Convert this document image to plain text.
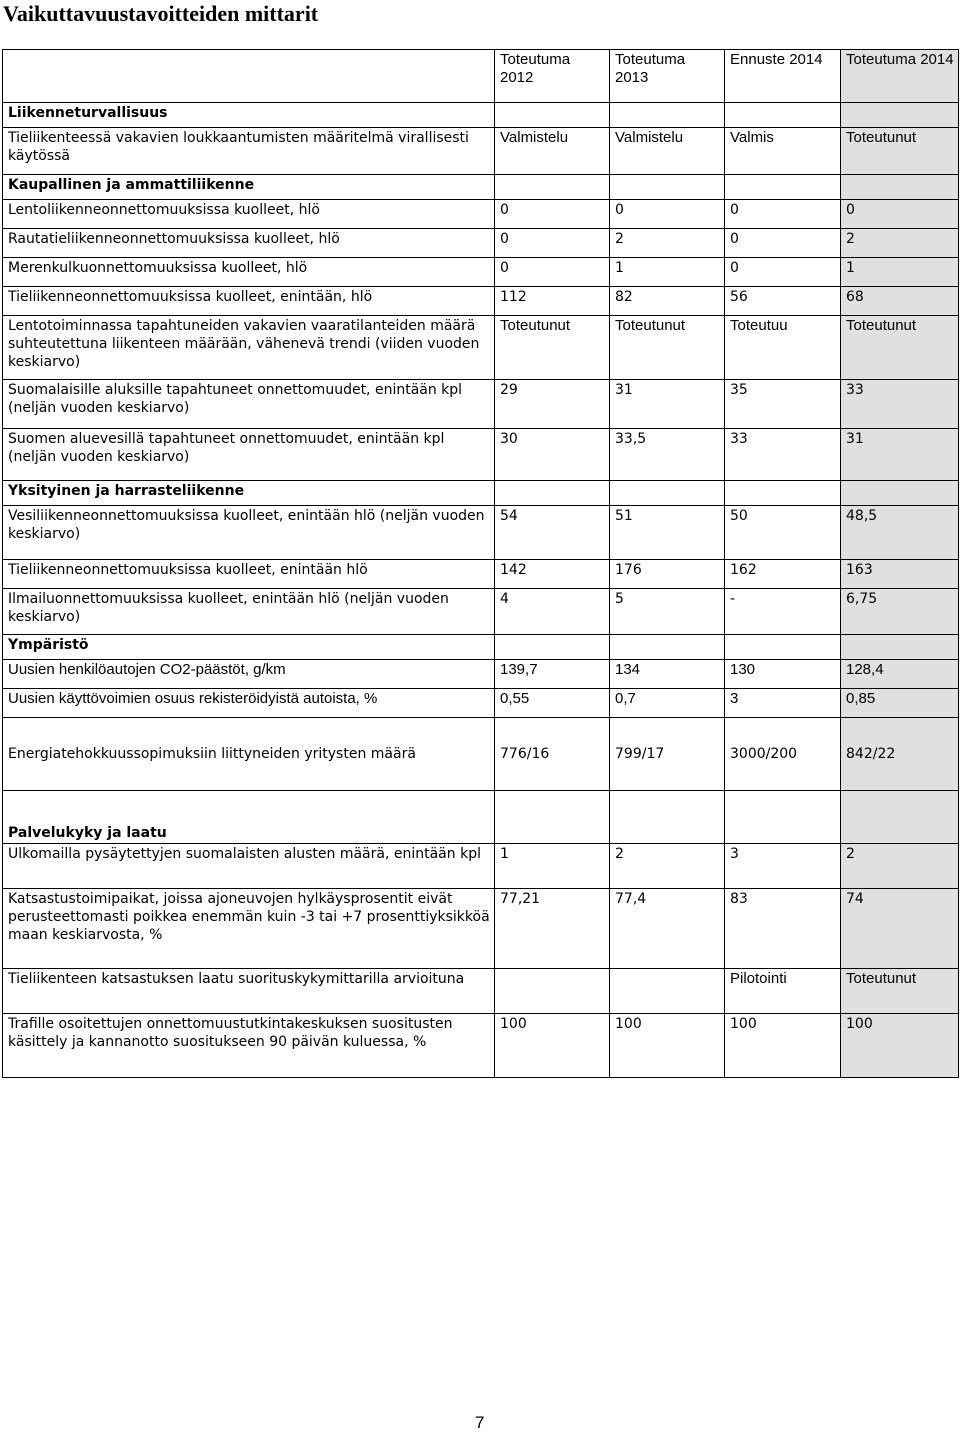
Vaikuttavuustavoitteiden mittarit
	Toteutuma 2012	Toteutuma 2013	Ennuste 2014	Toteutuma 2014
Liikenneturvallisuus				
Tieliikenteessä vakavien loukkaantumisten määritelmä virallisesti käytössä	Valmistelu	Valmistelu	Valmis	Toteutunut
Kaupallinen ja ammattiliikenne				
Lentoliikenneonnettomuuksissa kuolleet, hlö	0	0	0	0
Rautatieliikenneonnettomuuksissa kuolleet, hlö	0	2	0	2
Merenkulkuonnettomuuksissa kuolleet, hlö	0	1	0	1
Tieliikenneonnettomuuksissa kuolleet, enintään, hlö	112	82	56	68
Lentotoiminnassa tapahtuneiden vakavien vaaratilanteiden määrä suhteutettuna liikenteen määrään, vähenevä trendi (viiden vuoden keskiarvo)	Toteutunut	Toteutunut	Toteutuu	Toteutunut
Suomalaisille aluksille tapahtuneet onnettomuudet, enintään kpl (neljän vuoden keskiarvo)	29	31	35	33
Suomen aluevesillä tapahtuneet onnettomuudet, enintään kpl (neljän vuoden keskiarvo)	30	33,5	33	31
Yksityinen ja harrasteliikenne				
Vesiliikenneonnettomuuksissa kuolleet, enintään hlö (neljän vuoden keskiarvo)	54	51	50	48,5
Tieliikenneonnettomuuksissa kuolleet, enintään hlö	142	176	162	163
Ilmailuonnettomuuksissa kuolleet, enintään hlö (neljän vuoden keskiarvo)	4	5	-	6,75
Ympäristö				
Uusien henkilöautojen CO2-päästöt, g/km	139,7	134	130	128,4
Uusien käyttövoimien osuus rekisteröidyistä autoista, %	0,55	0,7	3	0,85
Energiatehokkuussopimuksiin liittyneiden yritysten määrä	776/16	799/17	3000/200	842/22
Palvelukyky ja laatu				
Ulkomailla pysäytettyjen suomalaisten alusten määrä, enintään kpl	1	2	3	2
Katsastustoimipaikat, joissa ajoneuvojen hylkäysprosentit eivät perusteettomasti poikkea enemmän kuin -3 tai +7 prosenttiyksikköä maan keskiarvosta, %	77,21	77,4	83	74
Tieliikenteen katsastuksen laatu suorituskykymittarilla arvioituna			Pilotointi	Toteutunut
Trafille osoitettujen onnettomuustutkintakeskuksen suositusten käsittely ja kannanotto suositukseen 90 päivän kuluessa, %	100	100	100	100
7
